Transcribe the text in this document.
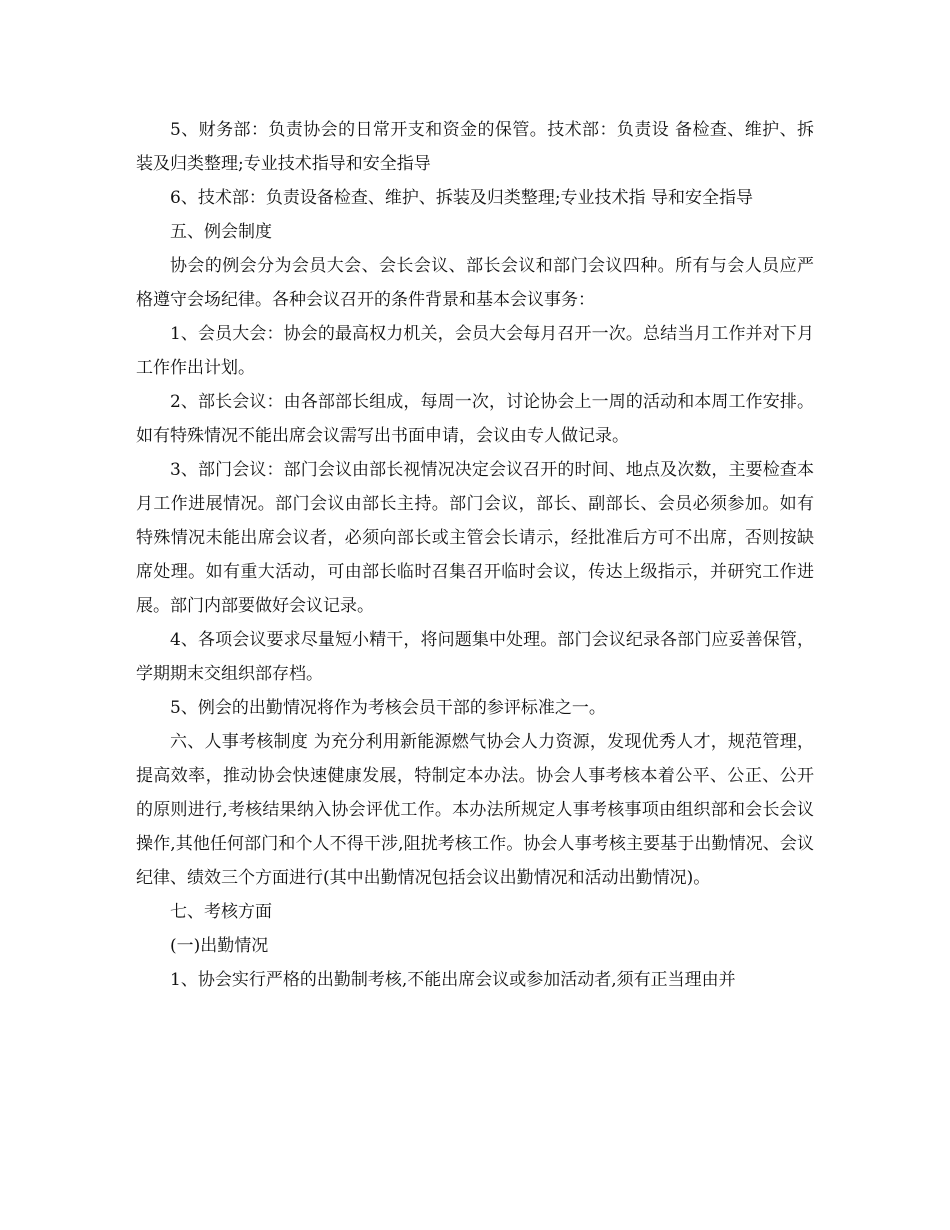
5、财务部：负责协会的日常开支和资金的保管。技术部：负责设 备检查、维护、拆装及归类整理;专业技术指导和安全指导

6、技术部：负责设备检查、维护、拆装及归类整理;专业技术指 导和安全指导

五、例会制度

协会的例会分为会员大会、会长会议、部长会议和部门会议四种。所有与会人员应严格遵守会场纪律。各种会议召开的条件背景和基本会议事务：

1、会员大会：协会的最高权力机关，会员大会每月召开一次。总结当月工作并对下月工作作出计划。

2、部长会议：由各部部长组成，每周一次，讨论协会上一周的活动和本周工作安排。如有特殊情况不能出席会议需写出书面申请，会议由专人做记录。

3、部门会议：部门会议由部长视情况决定会议召开的时间、地点及次数，主要检查本月工作进展情况。部门会议由部长主持。部门会议，部长、副部长、会员必须参加。如有特殊情况未能出席会议者，必须向部长或主管会长请示，经批准后方可不出席，否则按缺席处理。如有重大活动，可由部长临时召集召开临时会议，传达上级指示，并研究工作进展。部门内部要做好会议记录。

4、各项会议要求尽量短小精干，将问题集中处理。部门会议纪录各部门应妥善保管，学期期末交组织部存档。

5、例会的出勤情况将作为考核会员干部的参评标准之一。

六、人事考核制度 为充分利用新能源燃气协会人力资源，发现优秀人才，规范管理，提高效率，推动协会快速健康发展，特制定本办法。协会人事考核本着公平、公正、公开的原则进行,考核结果纳入协会评优工作。本办法所规定人事考核事项由组织部和会长会议操作,其他任何部门和个人不得干涉,阻扰考核工作。协会人事考核主要基于出勤情况、会议纪律、绩效三个方面进行(其中出勤情况包括会议出勤情况和活动出勤情况)。

七、考核方面

(一)出勤情况

1、协会实行严格的出勤制考核,不能出席会议或参加活动者,须有正当理由并
